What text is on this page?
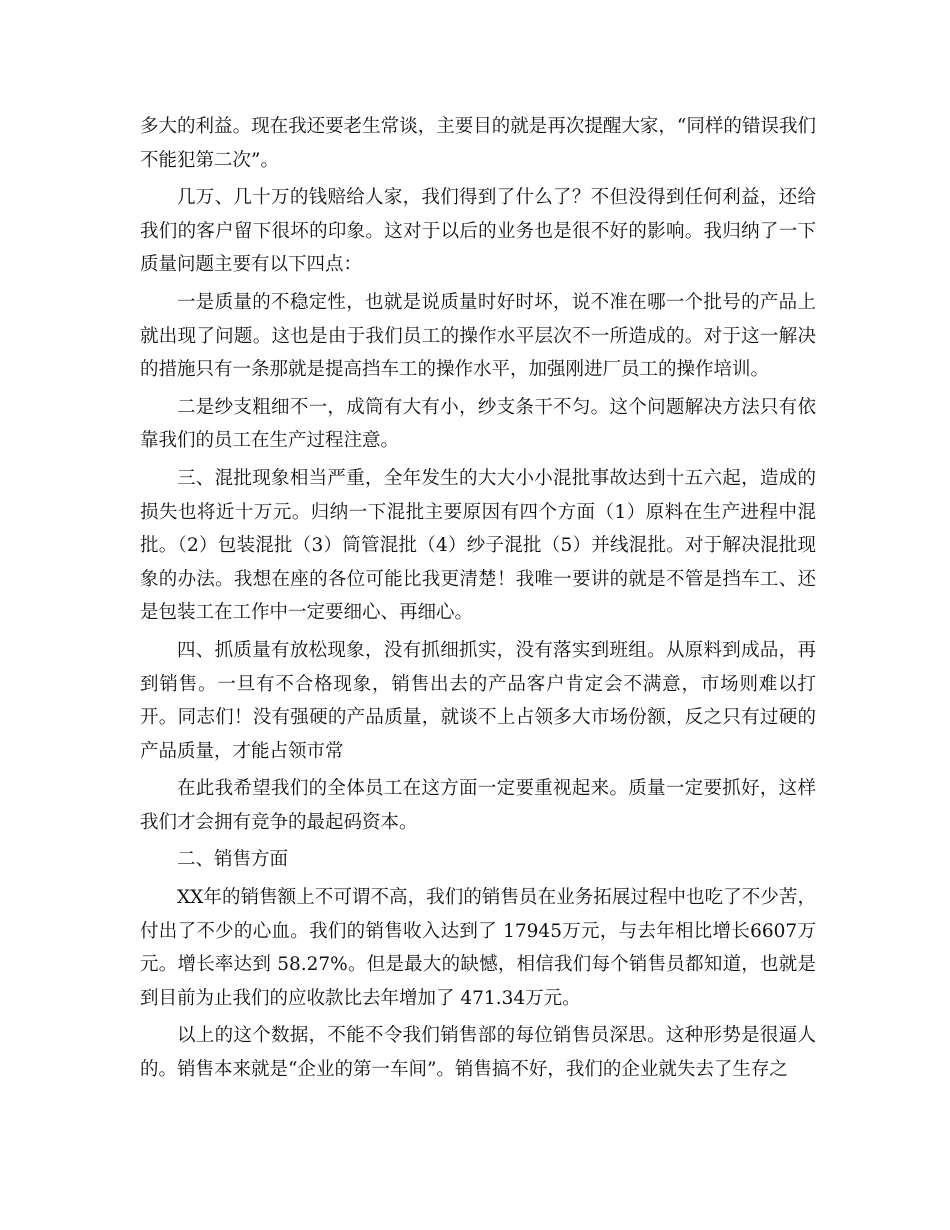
多大的利益。现在我还要老生常谈，主要目的就是再次提醒大家，“同样的错误我们不能犯第二次”。

几万、几十万的钱赔给人家，我们得到了什么了？不但没得到任何利益，还给我们的客户留下很坏的印象。这对于以后的业务也是很不好的影响。我归纳了一下质量问题主要有以下四点：

一是质量的不稳定性，也就是说质量时好时坏，说不准在哪一个批号的产品上就出现了问题。这也是由于我们员工的操作水平层次不一所造成的。对于这一解决的措施只有一条那就是提高挡车工的操作水平，加强刚进厂员工的操作培训。

二是纱支粗细不一，成筒有大有小，纱支条干不匀。这个问题解决方法只有依靠我们的员工在生产过程注意。

三、混批现象相当严重，全年发生的大大小小混批事故达到十五六起，造成的损失也将近十万元。归纳一下混批主要原因有四个方面（1）原料在生产进程中混批。（2）包装混批（3）筒管混批（4）纱子混批（5）并线混批。对于解决混批现象的办法。我想在座的各位可能比我更清楚！我唯一要讲的就是不管是挡车工、还是包装工在工作中一定要细心、再细心。

四、抓质量有放松现象，没有抓细抓实，没有落实到班组。从原料到成品，再到销售。一旦有不合格现象，销售出去的产品客户肯定会不满意，市场则难以打开。同志们！没有强硬的产品质量，就谈不上占领多大市场份额，反之只有过硬的产品质量，才能占领市常

在此我希望我们的全体员工在这方面一定要重视起来。质量一定要抓好，这样我们才会拥有竞争的最起码资本。

二、销售方面

XX年的销售额上不可谓不高，我们的销售员在业务拓展过程中也吃了不少苦，付出了不少的心血。我们的销售收入达到了 17945万元，与去年相比增长6607万元。增长率达到 58.27%。但是最大的缺憾，相信我们每个销售员都知道，也就是到目前为止我们的应收款比去年增加了 471.34万元。

以上的这个数据，不能不令我们销售部的每位销售员深思。这种形势是很逼人的。销售本来就是“企业的第一车间”。销售搞不好，我们的企业就失去了生存之
